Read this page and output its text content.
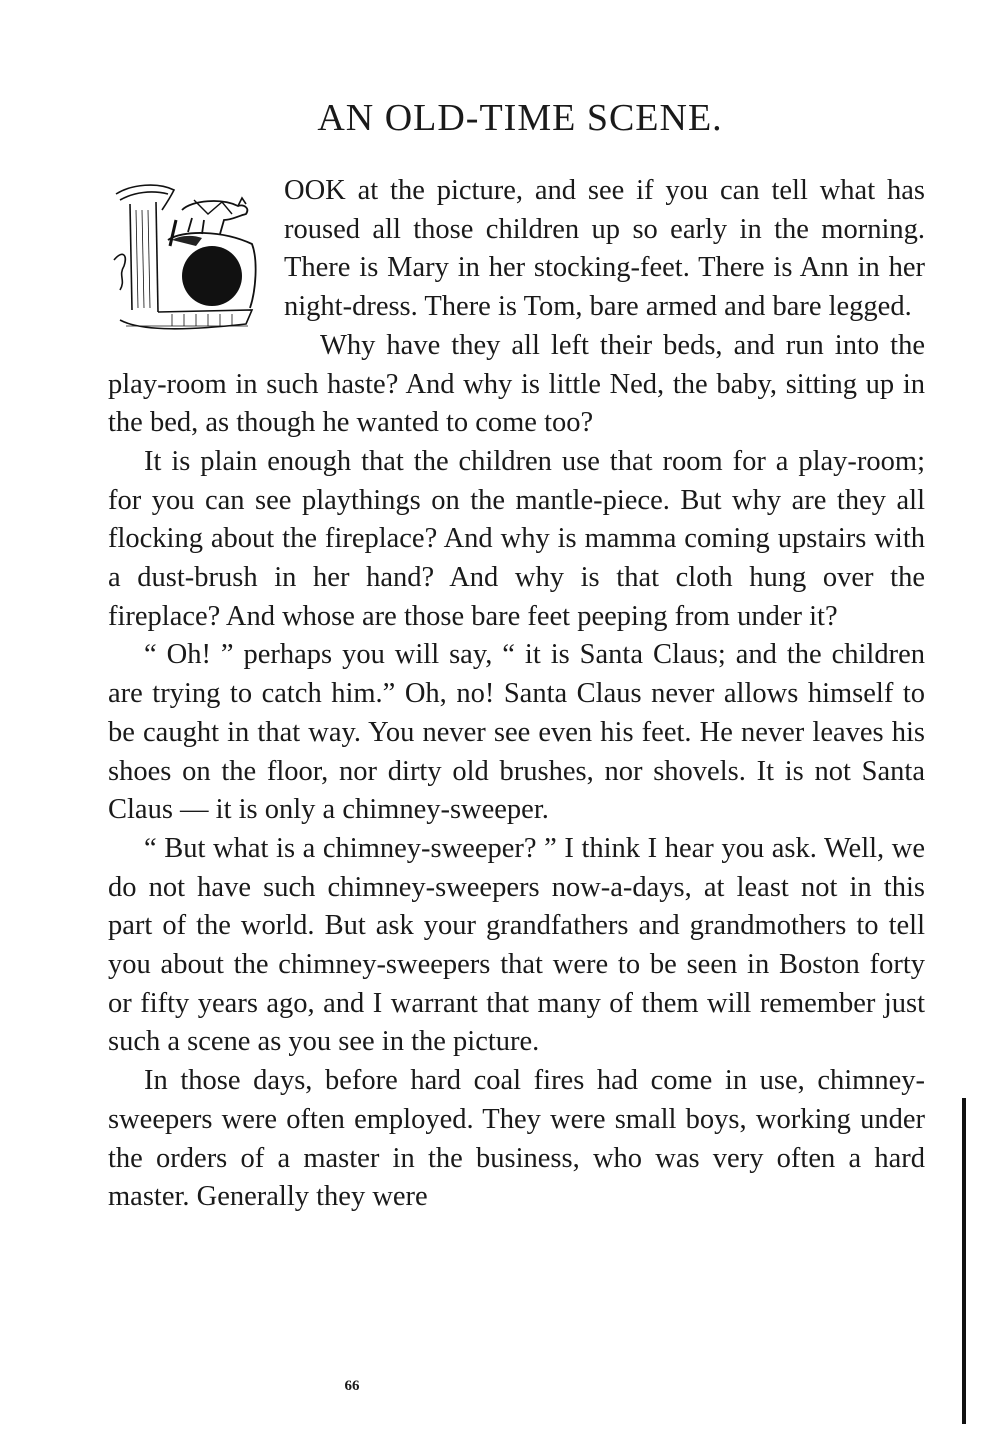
AN OLD-TIME SCENE.

OOK at the picture, and see if you can tell what has roused all those children up so early in the morning. There is Mary in her stocking-feet. There is Ann in her night-dress. There is Tom, bare armed and bare legged.

Why have they all left their beds, and run into the play-room in such haste? And why is little Ned, the baby, sitting up in the bed, as though he wanted to come too?

It is plain enough that the children use that room for a play-room; for you can see playthings on the mantle-piece. But why are they all flocking about the fireplace? And why is mamma coming upstairs with a dust-brush in her hand? And why is that cloth hung over the fireplace? And whose are those bare feet peeping from under it?

“ Oh! ” perhaps you will say, “ it is Santa Claus; and the children are trying to catch him.” Oh, no! Santa Claus never allows himself to be caught in that way. You never see even his feet. He never leaves his shoes on the floor, nor dirty old brushes, nor shovels. It is not Santa Claus — it is only a chimney-sweeper.

“ But what is a chimney-sweeper? ” I think I hear you ask. Well, we do not have such chimney-sweepers now-a-days, at least not in this part of the world. But ask your grandfathers and grandmothers to tell you about the chimney-sweepers that were to be seen in Boston forty or fifty years ago, and I warrant that many of them will remember just such a scene as you see in the picture.

In those days, before hard coal fires had come in use, chimney-sweepers were often employed. They were small boys, working under the orders of a master in the business, who was very often a hard master. Generally they were

66
